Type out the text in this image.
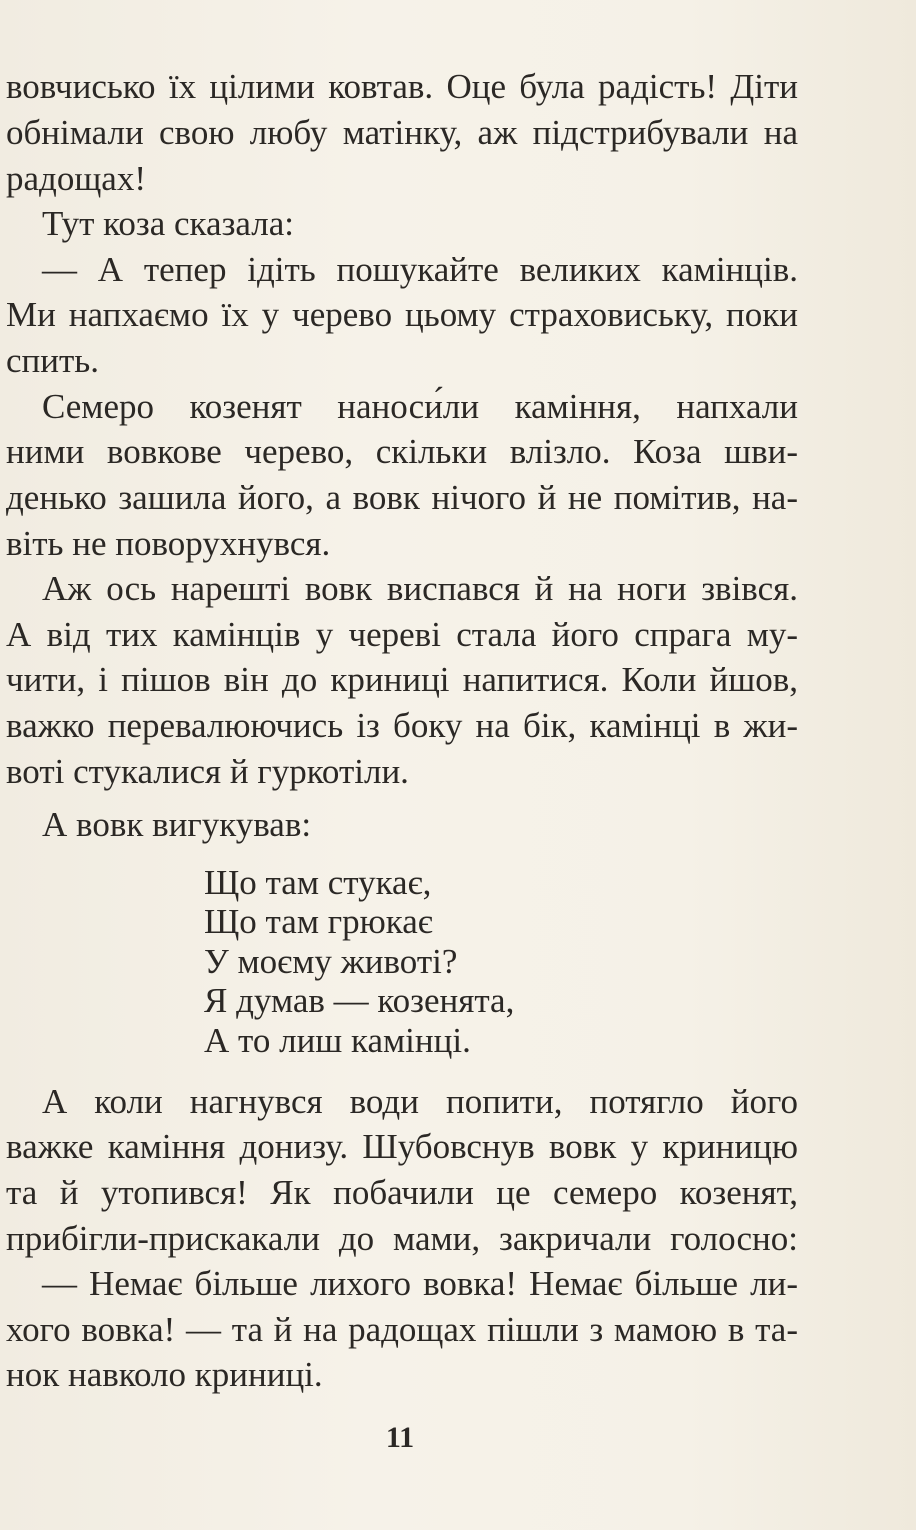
вовчисько їх цілими ковтав. Оце була радість! Діти
обнімали свою любу матінку, аж підстрибували на
радощах!
Тут коза сказала:
— А тепер ідіть пошукайте великих камінців.
Ми напхаємо їх у черево цьому страховиську, поки
спить.
Семеро козенят наноси́ли каміння, напхали
ними вовкове черево, скільки влізло. Коза шви-
денько зашила його, а вовк нічого й не помітив, на-
віть не поворухнувся.
Аж ось нарешті вовк виспався й на ноги звівся.
А від тих камінців у череві стала його спрага му-
чити, і пішов він до криниці напитися. Коли йшов,
важко перевалюючись із боку на бік, камінці в жи-
воті стукалися й гуркотіли.
А вовк вигукував:
Що там стукає,
Що там грюкає
У моєму животі?
Я думав — козенята,
А то лиш камінці.
А коли нагнувся води попити, потягло його
важке каміння донизу. Шубовснув вовк у криницю
та й утопився! Як побачили це семеро козенят,
прибігли-прискакали до мами, закричали голосно:
— Немає більше лихого вовка! Немає більше ли-
хого вовка! — та й на радощах пішли з мамою в та-
нок навколо криниці.
11
